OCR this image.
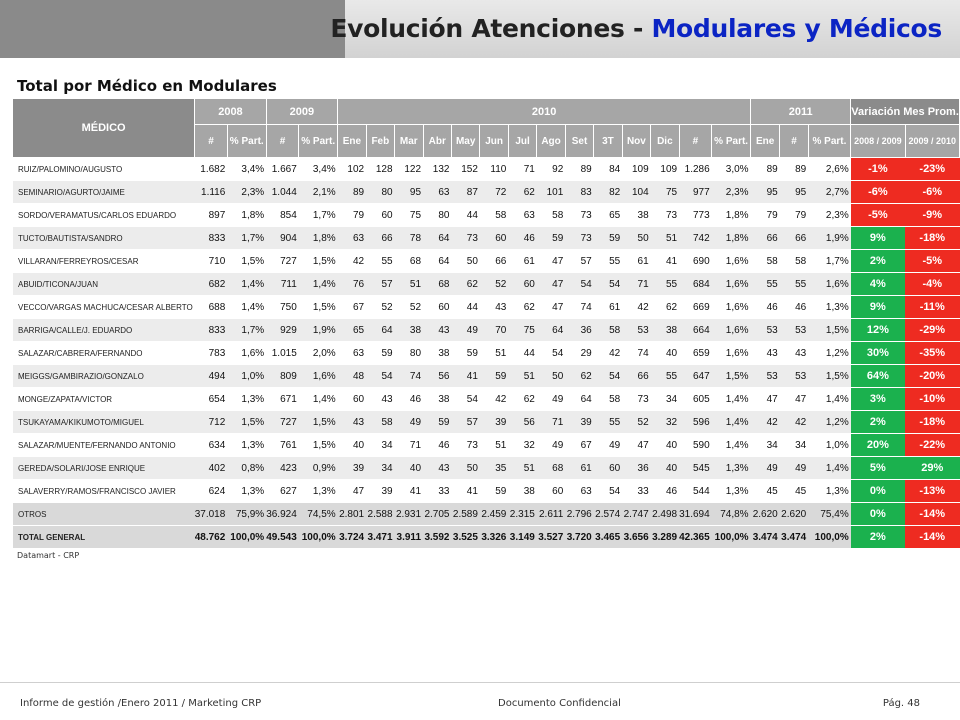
Evolución Atenciones - Modulares y Médicos
Total por Médico en Modulares
MÉDICO	2008		2009		2010														2011			Variación Mes Prom.	
	#	% Part.	#	% Part.	Ene	Feb	Mar	Abr	May	Jun	Jul	Ago	Set	3T	Nov	Dic	#	% Part.	Ene	#	% Part.	2008 / 2009	2009 / 2010
RUIZ/PALOMINO/AUGUSTO	1.682	3,4%	1.667	3,4%	102	128	122	132	152	110	71	92	89	84	109	109	1.286	3,0%	89	89	2,6%	-1%	-23%
SEMINARIO/AGURTO/JAIME	1.116	2,3%	1.044	2,1%	89	80	95	63	87	72	62	101	83	82	104	75	977	2,3%	95	95	2,7%	-6%	-6%
SORDO/VERAMATUS/CARLOS EDUARDO	897	1,8%	854	1,7%	79	60	75	80	44	58	63	58	73	65	38	73	773	1,8%	79	79	2,3%	-5%	-9%
TUCTO/BAUTISTA/SANDRO	833	1,7%	904	1,8%	63	66	78	64	73	60	46	59	73	59	50	51	742	1,8%	66	66	1,9%	9%	-18%
VILLARAN/FERREYROS/CESAR	710	1,5%	727	1,5%	42	55	68	64	50	66	61	47	57	55	61	41	690	1,6%	58	58	1,7%	2%	-5%
ABUID/TICONA/JUAN	682	1,4%	711	1,4%	76	57	51	68	62	52	60	47	54	54	71	55	684	1,6%	55	55	1,6%	4%	-4%
VECCO/VARGAS MACHUCA/CESAR ALBERTO	688	1,4%	750	1,5%	67	52	52	60	44	43	62	47	74	61	42	62	669	1,6%	46	46	1,3%	9%	-11%
BARRIGA/CALLE/J. EDUARDO	833	1,7%	929	1,9%	65	64	38	43	49	70	75	64	36	58	53	38	664	1,6%	53	53	1,5%	12%	-29%
SALAZAR/CABRERA/FERNANDO	783	1,6%	1.015	2,0%	63	59	80	38	59	51	44	54	29	42	74	40	659	1,6%	43	43	1,2%	30%	-35%
MEIGGS/GAMBIRAZIO/GONZALO	494	1,0%	809	1,6%	48	54	74	56	41	59	51	50	62	54	66	55	647	1,5%	53	53	1,5%	64%	-20%
MONGE/ZAPATA/VICTOR	654	1,3%	671	1,4%	60	43	46	38	54	42	62	49	64	58	73	34	605	1,4%	47	47	1,4%	3%	-10%
TSUKAYAMA/KIKUMOTO/MIGUEL	712	1,5%	727	1,5%	43	58	49	59	57	39	56	71	39	55	52	32	596	1,4%	42	42	1,2%	2%	-18%
SALAZAR/MUENTE/FERNANDO ANTONIO	634	1,3%	761	1,5%	40	34	71	46	73	51	32	49	67	49	47	40	590	1,4%	34	34	1,0%	20%	-22%
GEREDA/SOLARI/JOSE ENRIQUE	402	0,8%	423	0,9%	39	34	40	43	50	35	51	68	61	60	36	40	545	1,3%	49	49	1,4%	5%	29%
SALAVERRY/RAMOS/FRANCISCO JAVIER	624	1,3%	627	1,3%	47	39	41	33	41	59	38	60	63	54	33	46	544	1,3%	45	45	1,3%	0%	-13%
OTROS	37.018	75,9%	36.924	74,5%	2.801	2.588	2.931	2.705	2.589	2.459	2.315	2.611	2.796	2.574	2.747	2.498	31.694	74,8%	2.620	2.620	75,4%	0%	-14%
TOTAL GENERAL	48.762	100,0%	49.543	100,0%	3.724	3.471	3.911	3.592	3.525	3.326	3.149	3.527	3.720	3.465	3.656	3.289	42.365	100,0%	3.474	3.474	100,0%	2%	-14%
Datamart - CRP
Informe de gestión /Enero 2011 / Marketing CRP	Documento Confidencial	Pág. 48
